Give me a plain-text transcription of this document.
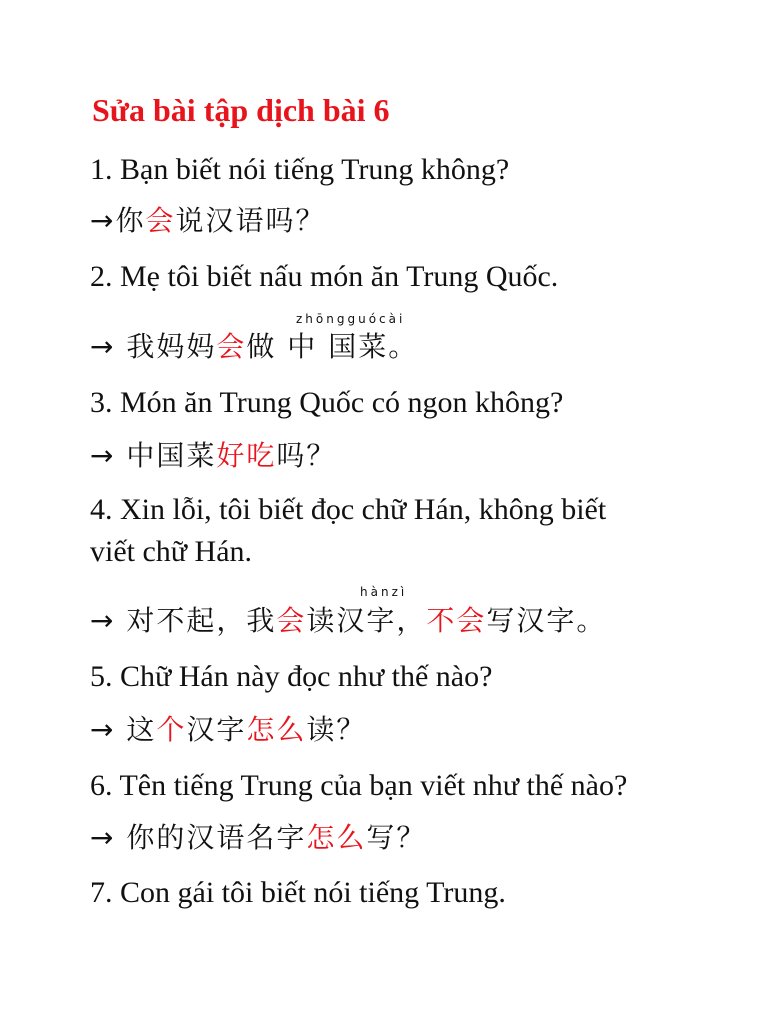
Sửa bài tập dịch bài 6
1. Bạn biết nói tiếng Trung không?
→你会说汉语吗？
2. Mẹ tôi biết nấu món ăn Trung Quốc.
zhōngguócài
→ 我妈妈会做 中 国菜。
3. Món ăn Trung Quốc có ngon không?
→ 中国菜好吃吗？
4. Xin lỗi, tôi biết đọc chữ Hán, không biết
viết chữ Hán.
hànzì
→ 对不起，我会读汉字，不会写汉字。
5. Chữ Hán này đọc như thế nào?
→ 这个汉字怎么读？
6. Tên tiếng Trung của bạn viết như thế nào?
→ 你的汉语名字怎么写？
7. Con gái tôi biết nói tiếng Trung.
